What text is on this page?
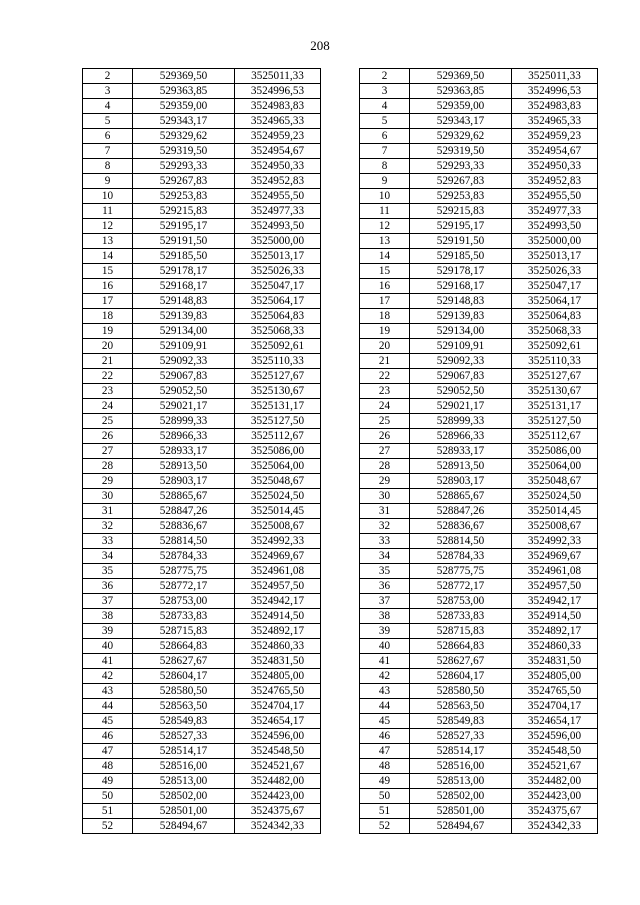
208
2	529369,50	3525011,33
3	529363,85	3524996,53
4	529359,00	3524983,83
5	529343,17	3524965,33
6	529329,62	3524959,23
7	529319,50	3524954,67
8	529293,33	3524950,33
9	529267,83	3524952,83
10	529253,83	3524955,50
11	529215,83	3524977,33
12	529195,17	3524993,50
13	529191,50	3525000,00
14	529185,50	3525013,17
15	529178,17	3525026,33
16	529168,17	3525047,17
17	529148,83	3525064,17
18	529139,83	3525064,83
19	529134,00	3525068,33
20	529109,91	3525092,61
21	529092,33	3525110,33
22	529067,83	3525127,67
23	529052,50	3525130,67
24	529021,17	3525131,17
25	528999,33	3525127,50
26	528966,33	3525112,67
27	528933,17	3525086,00
28	528913,50	3525064,00
29	528903,17	3525048,67
30	528865,67	3525024,50
31	528847,26	3525014,45
32	528836,67	3525008,67
33	528814,50	3524992,33
34	528784,33	3524969,67
35	528775,75	3524961,08
36	528772,17	3524957,50
37	528753,00	3524942,17
38	528733,83	3524914,50
39	528715,83	3524892,17
40	528664,83	3524860,33
41	528627,67	3524831,50
42	528604,17	3524805,00
43	528580,50	3524765,50
44	528563,50	3524704,17
45	528549,83	3524654,17
46	528527,33	3524596,00
47	528514,17	3524548,50
48	528516,00	3524521,67
49	528513,00	3524482,00
50	528502,00	3524423,00
51	528501,00	3524375,67
52	528494,67	3524342,33
2	529369,50	3525011,33
3	529363,85	3524996,53
4	529359,00	3524983,83
5	529343,17	3524965,33
6	529329,62	3524959,23
7	529319,50	3524954,67
8	529293,33	3524950,33
9	529267,83	3524952,83
10	529253,83	3524955,50
11	529215,83	3524977,33
12	529195,17	3524993,50
13	529191,50	3525000,00
14	529185,50	3525013,17
15	529178,17	3525026,33
16	529168,17	3525047,17
17	529148,83	3525064,17
18	529139,83	3525064,83
19	529134,00	3525068,33
20	529109,91	3525092,61
21	529092,33	3525110,33
22	529067,83	3525127,67
23	529052,50	3525130,67
24	529021,17	3525131,17
25	528999,33	3525127,50
26	528966,33	3525112,67
27	528933,17	3525086,00
28	528913,50	3525064,00
29	528903,17	3525048,67
30	528865,67	3525024,50
31	528847,26	3525014,45
32	528836,67	3525008,67
33	528814,50	3524992,33
34	528784,33	3524969,67
35	528775,75	3524961,08
36	528772,17	3524957,50
37	528753,00	3524942,17
38	528733,83	3524914,50
39	528715,83	3524892,17
40	528664,83	3524860,33
41	528627,67	3524831,50
42	528604,17	3524805,00
43	528580,50	3524765,50
44	528563,50	3524704,17
45	528549,83	3524654,17
46	528527,33	3524596,00
47	528514,17	3524548,50
48	528516,00	3524521,67
49	528513,00	3524482,00
50	528502,00	3524423,00
51	528501,00	3524375,67
52	528494,67	3524342,33
